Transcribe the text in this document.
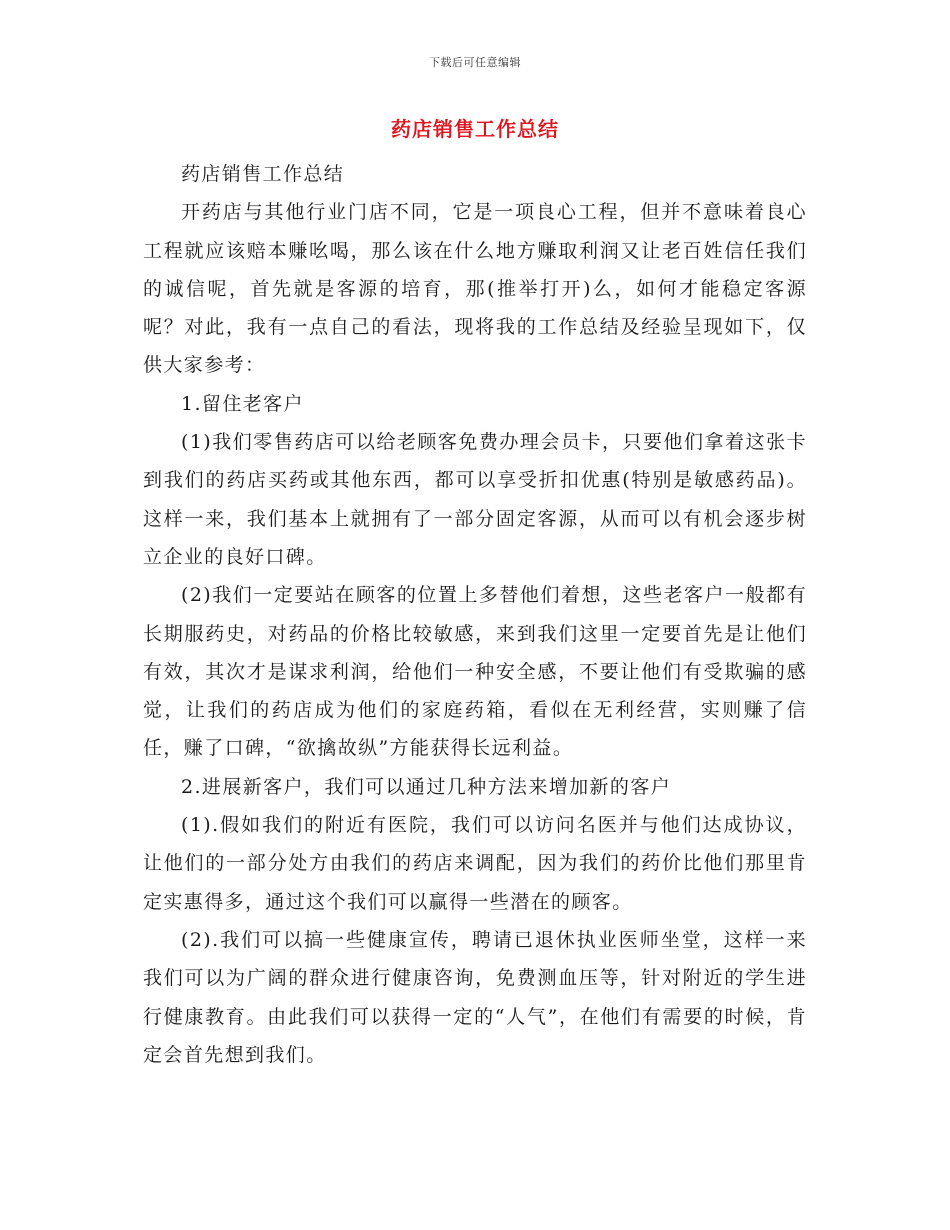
下载后可任意编辑
药店销售工作总结

药店销售工作总结

开药店与其他行业门店不同，它是一项良心工程，但并不意味着良心工程就应该赔本赚吆喝，那么该在什么地方赚取利润又让老百姓信任我们的诚信呢，首先就是客源的培育，那(推举打开)么，如何才能稳定客源呢？对此，我有一点自己的看法，现将我的工作总结及经验呈现如下，仅供大家参考：

1.留住老客户

(1)我们零售药店可以给老顾客免费办理会员卡，只要他们拿着这张卡到我们的药店买药或其他东西，都可以享受折扣优惠(特别是敏感药品)。这样一来，我们基本上就拥有了一部分固定客源，从而可以有机会逐步树立企业的良好口碑。

(2)我们一定要站在顾客的位置上多替他们着想，这些老客户一般都有长期服药史，对药品的价格比较敏感，来到我们这里一定要首先是让他们有效，其次才是谋求利润，给他们一种安全感，不要让他们有受欺骗的感觉，让我们的药店成为他们的家庭药箱，看似在无利经营，实则赚了信任，赚了口碑，“欲擒故纵”方能获得长远利益。

2.进展新客户，我们可以通过几种方法来增加新的客户

(1).假如我们的附近有医院，我们可以访问名医并与他们达成协议，让他们的一部分处方由我们的药店来调配，因为我们的药价比他们那里肯定实惠得多，通过这个我们可以赢得一些潜在的顾客。

(2).我们可以搞一些健康宣传，聘请已退休执业医师坐堂，这样一来我们可以为广阔的群众进行健康咨询，免费测血压等，针对附近的学生进行健康教育。由此我们可以获得一定的“人气”，在他们有需要的时候，肯定会首先想到我们。
